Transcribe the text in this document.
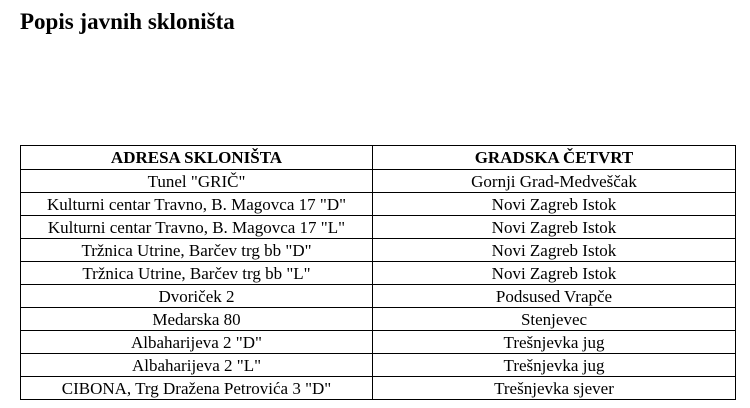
Popis javnih skloništa
ADRESA SKLONIŠTA	GRADSKA ČETVRT
Tunel "GRIČ"	Gornji Grad-Medveščak
Kulturni centar Travno, B. Magovca 17 "D"	Novi Zagreb Istok
Kulturni centar Travno, B. Magovca 17 "L"	Novi Zagreb Istok
Tržnica Utrine, Barčev trg bb "D"	Novi Zagreb Istok
Tržnica Utrine, Barčev trg bb "L"	Novi Zagreb Istok
Dvoriček 2	Podsused Vrapče
Medarska 80	Stenjevec
Albaharijeva 2 "D"	Trešnjevka jug
Albaharijeva 2 "L"	Trešnjevka jug
CIBONA, Trg Dražena Petrovića 3 "D"	Trešnjevka sjever
